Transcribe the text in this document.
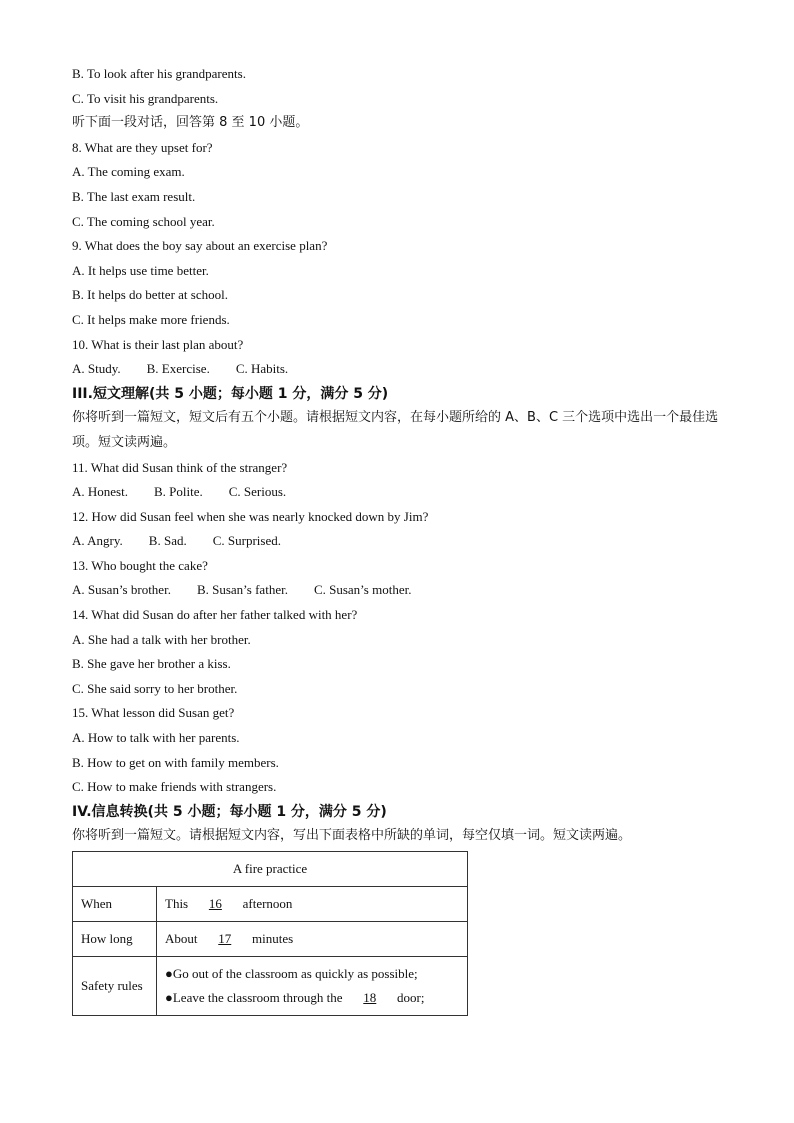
B. To look after his grandparents.
C. To visit his grandparents.
听下面一段对话，回答第 8 至 10 小题。
8. What are they upset for?
A. The coming exam.
B. The last exam result.
C. The coming school year.
9. What does the boy say about an exercise plan?
A. It helps use time better.
B. It helps do better at school.
C. It helps make more friends.
10. What is their last plan about?
A. Study. B. Exercise. C. Habits.
III.短文理解(共 5 小题；每小题 1 分，满分 5 分)
你将听到一篇短文，短文后有五个小题。请根据短文内容，在每小题所给的 A、B、C 三个选项中选出一个最佳选项。短文读两遍。
11. What did Susan think of the stranger?
A. Honest. B. Polite. C. Serious.
12. How did Susan feel when she was nearly knocked down by Jim?
A. Angry. B. Sad. C. Surprised.
13. Who bought the cake?
A. Susan’s brother. B. Susan’s father. C. Susan’s mother.
14. What did Susan do after her father talked with her?
A. She had a talk with her brother.
B. She gave her brother a kiss.
C. She said sorry to her brother.
15. What lesson did Susan get?
A. How to talk with her parents.
B. How to get on with family members.
C. How to make friends with strangers.
IV.信息转换(共 5 小题；每小题 1 分，满分 5 分)
你将听到一篇短文。请根据短文内容，写出下面表格中所缺的单词，每空仅填一词。短文读两遍。
A fire practice	
When	This 16 afternoon
How long	About 17 minutes
Safety rules	●Go out of the classroom as quickly as possible;
●Leave the classroom through the 18 door;
